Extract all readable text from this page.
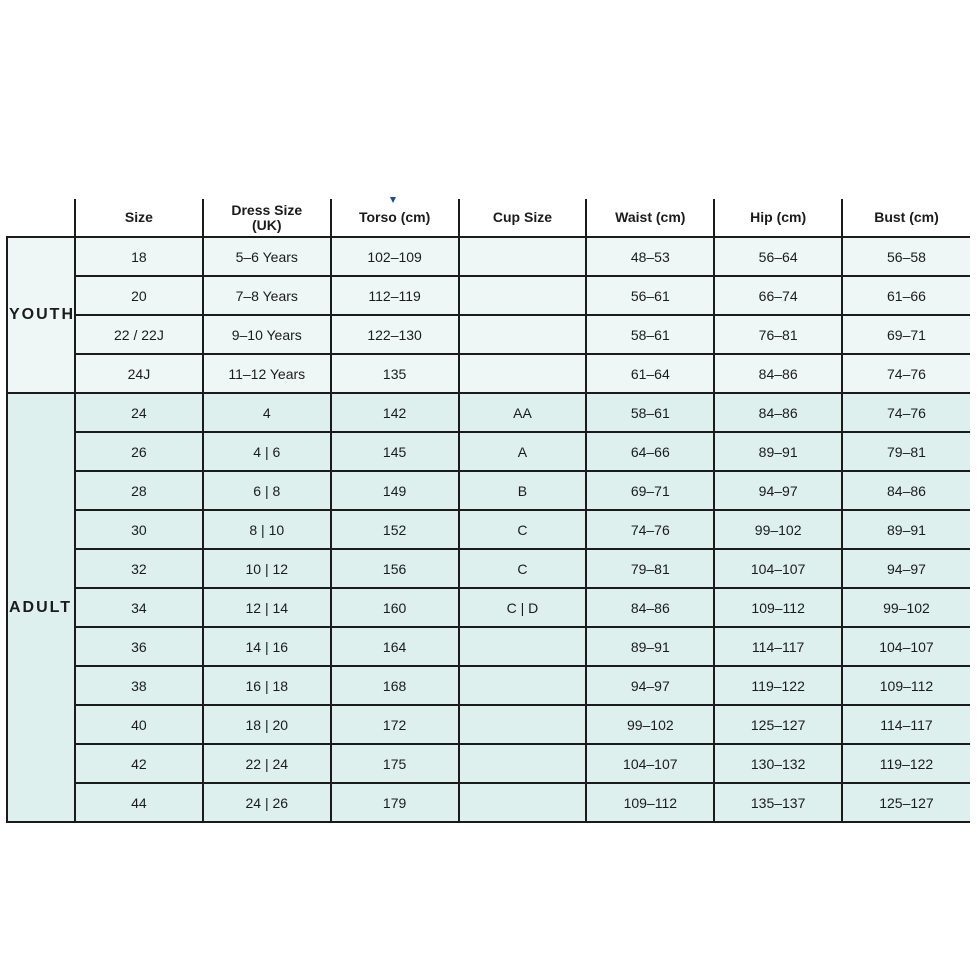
	Size	Dress Size (UK)	Torso (cm)	Cup Size	Waist (cm)	Hip (cm)	Bust (cm)
YOUTH	18	5–6 Years	102–109		48–53	56–64	56–58
	20	7–8 Years	112–119		56–61	66–74	61–66
	22 / 22J	9–10 Years	122–130		58–61	76–81	69–71
	24J	11–12 Years	135		61–64	84–86	74–76
ADULT	24	4	142	AA	58–61	84–86	74–76
	26	4 | 6	145	A	64–66	89–91	79–81
	28	6 | 8	149	B	69–71	94–97	84–86
	30	8 | 10	152	C	74–76	99–102	89–91
	32	10 | 12	156	C	79–81	104–107	94–97
	34	12 | 14	160	C | D	84–86	109–112	99–102
	36	14 | 16	164		89–91	114–117	104–107
	38	16 | 18	168		94–97	119–122	109–112
	40	18 | 20	172		99–102	125–127	114–117
	42	22 | 24	175		104–107	130–132	119–122
	44	24 | 26	179		109–112	135–137	125–127
